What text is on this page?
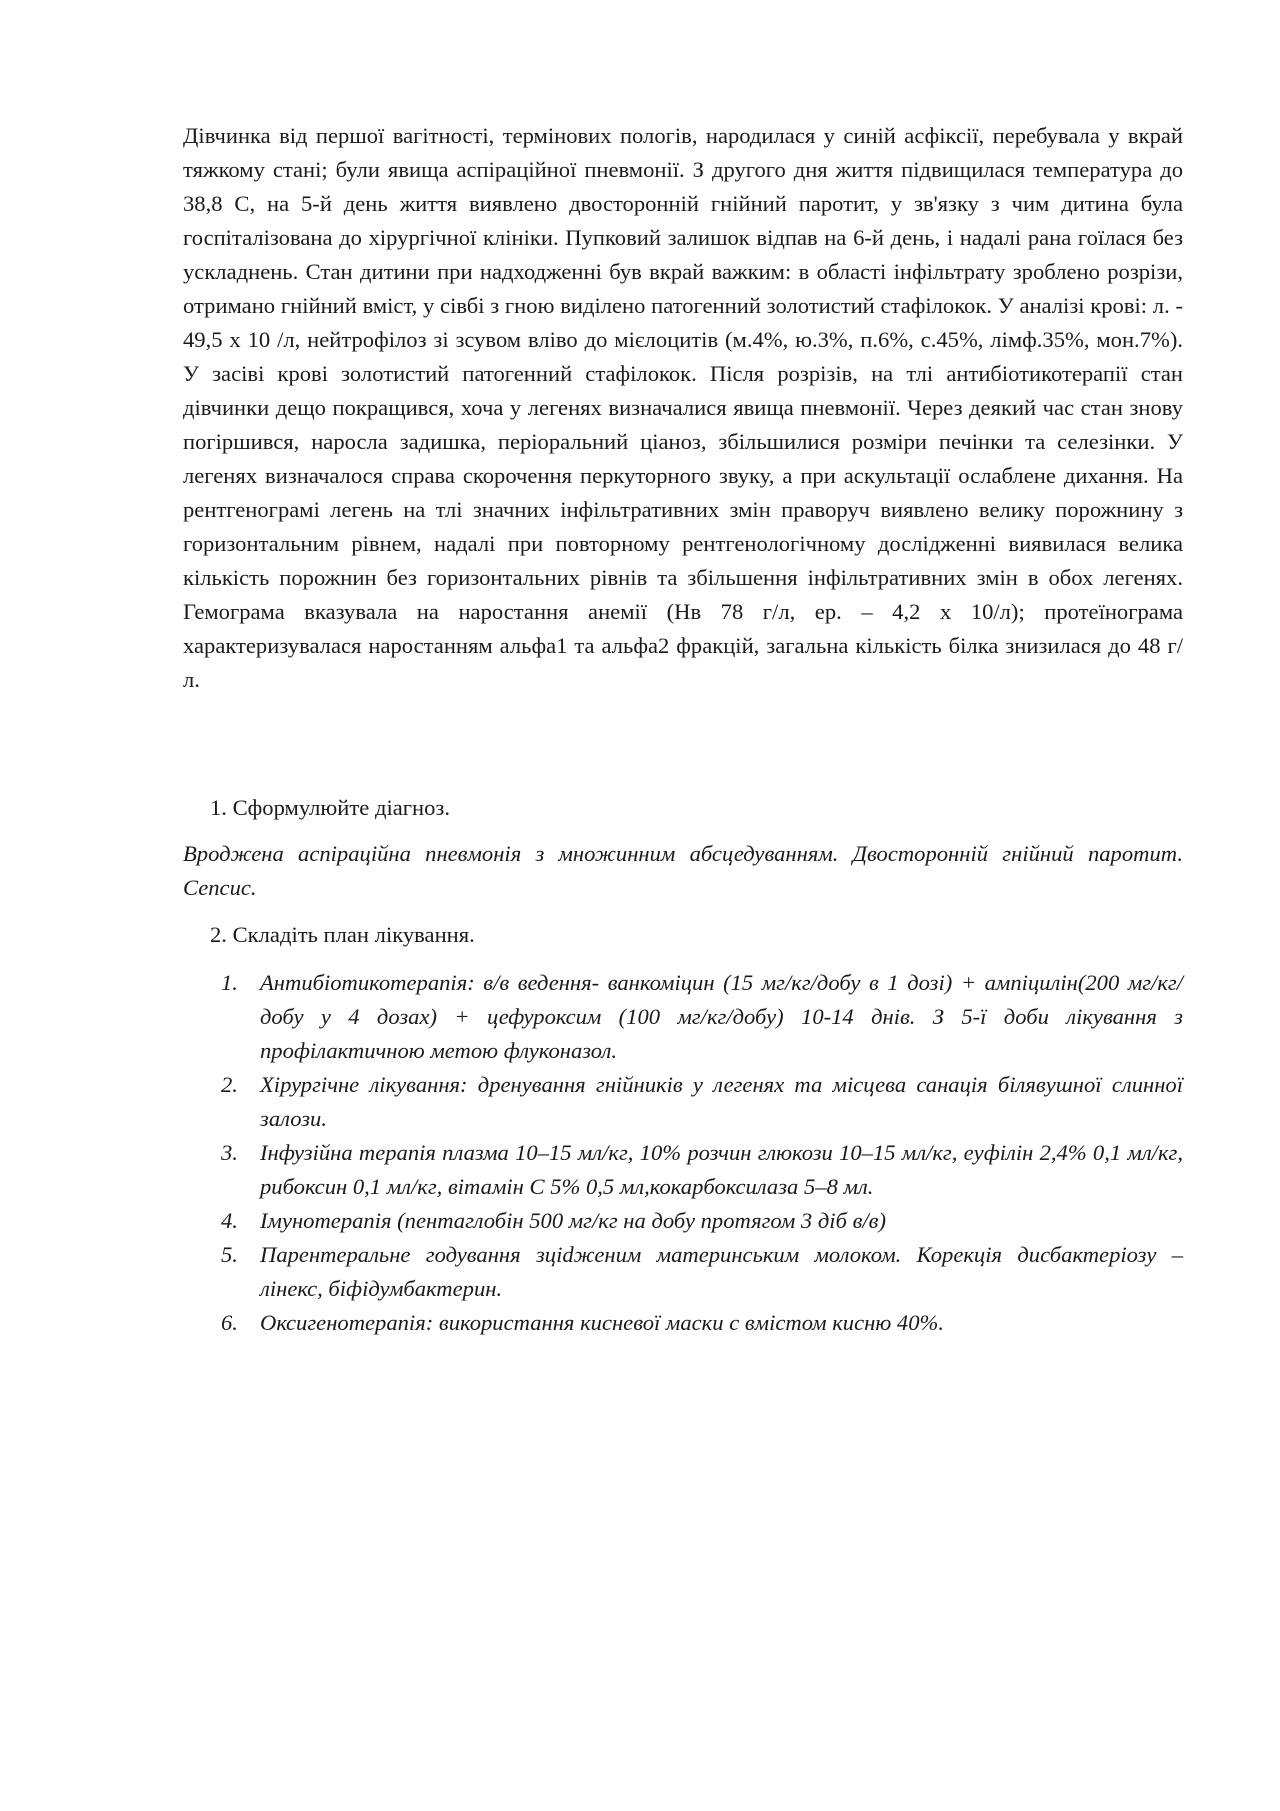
Дівчинка від першої вагітності, термінових пологів, народилася у синій асфіксії, перебувала у вкрай тяжкому стані; були явища аспіраційної пневмонії. З другого дня життя підвищилася температура до 38,8 С, на 5-й день життя виявлено двосторонній гнійний паротит, у зв'язку з чим дитина була госпіталізована до хірургічної клініки. Пупковий залишок відпав на 6-й день, і надалі рана гоїлася без ускладнень. Стан дитини при надходженні був вкрай важким: в області інфільтрату зроблено розрізи, отримано гнійний вміст, у сівбі з гною виділено патогенний золотистий стафілокок. У аналізі крові: л. - 49,5 х 10 /л, нейтрофілоз зі зсувом вліво до мієлоцитів (м.4%, ю.3%, п.6%, с.45%, лімф.35%, мон.7%). У засіві крові золотистий патогенний стафілокок. Після розрізів, на тлі антибіотикотерапії стан дівчинки дещо покращився, хоча у легенях визначалися явища пневмонії. Через деякий час стан знову погіршився, наросла задишка, періоральний ціаноз, збільшилися розміри печінки та селезінки. У легенях визначалося справа скорочення перкуторного звуку, а при аскультації ослаблене дихання. На рентгенограмі легень на тлі значних інфільтративних змін праворуч виявлено велику порожнину з горизонтальним рівнем, надалі при повторному рентгенологічному дослідженні виявилася велика кількість порожнин без горизонтальних рівнів та збільшення інфільтративних змін в обох легенях. Гемограма вказувала на наростання анемії (Нв 78 г/л, ер. – 4,2 х 10/л); протеїнограма характеризувалася наростанням альфа1 та альфа2 фракцій, загальна кількість білка знизилася до 48 г/л.

1. Сформулюйте діагноз.

Вроджена аспіраційна пневмонія з множинним абсцедуванням. Двосторонній гнійний паротит. Сепсис.

2. Складіть план лікування.

1. Антибіотикотерапія: в/в ведення- ванкоміцин (15 мг/кг/добу в 1 дозі) + ампіцилін(200 мг/кг/добу у 4 дозах) + цефуроксим (100 мг/кг/добу) 10-14 днів. З 5-ї доби лікування з профілактичною метою флуконазол.
2. Хірургічне лікування: дренування гнійників у легенях та місцева санація білявушної слинної залози.
3. Інфузійна терапія плазма 10–15 мл/кг, 10% розчин глюкози 10–15 мл/кг, еуфілін 2,4% 0,1 мл/кг, рибоксин 0,1 мл/кг, вітамін С 5% 0,5 мл,кокарбоксилаза 5–8 мл.
4. Імунотерапія (пентаглобін 500 мг/кг на добу протягом 3 діб в/в)
5. Парентеральне годування зціdженим материнським молоком. Корекція дисбактеріозу – лінекс, біфідумбактерин.
6. Оксигенотерапія: використання кисневої маски с вмістом кисню 40%.
